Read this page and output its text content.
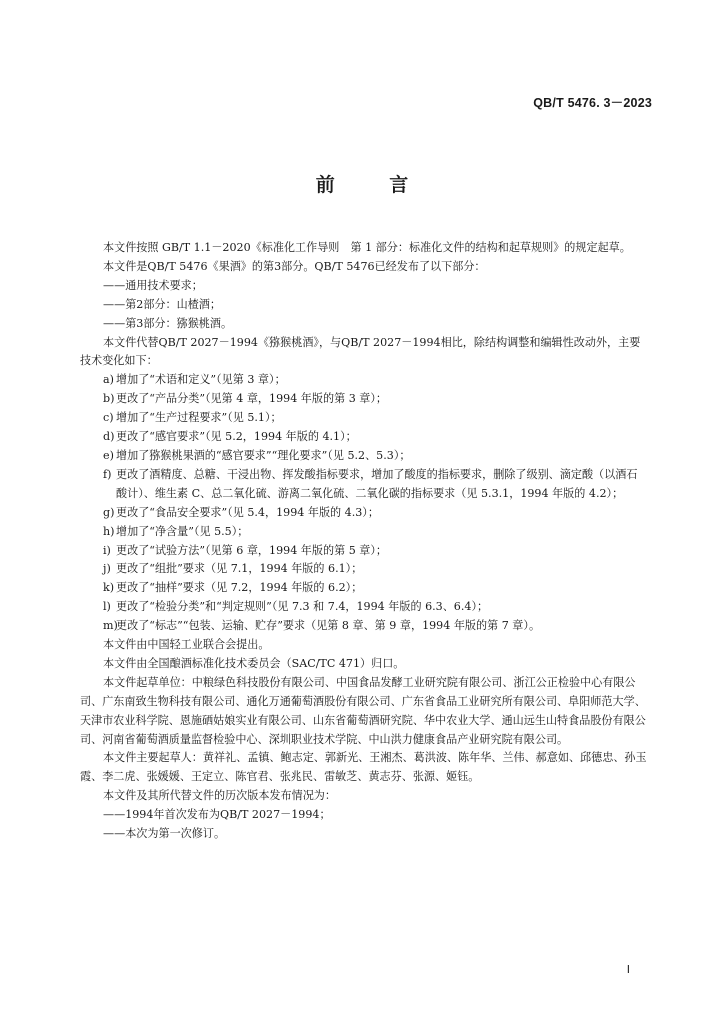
QB/T 5476. 3－2023
前 言
本文件按照 GB/T 1.1－2020《标准化工作导则　第 1 部分：标准化文件的结构和起草规则》的规定起草。
本文件是QB/T 5476《果酒》的第3部分。QB/T 5476已经发布了以下部分：
——通用技术要求；
——第2部分：山楂酒；
——第3部分：猕猴桃酒。
本文件代替QB/T 2027－1994《猕猴桃酒》，与QB/T 2027－1994相比，除结构调整和编辑性改动外，主要技术变化如下：
a) 增加了“术语和定义”（见第 3 章）；
b) 更改了“产品分类”（见第 4 章，1994 年版的第 3 章）；
c) 增加了“生产过程要求”（见 5.1）；
d) 更改了“感官要求”（见 5.2，1994 年版的 4.1）；
e) 增加了猕猴桃果酒的“感官要求”“理化要求”（见 5.2、5.3）；
f) 更改了酒精度、总糖、干浸出物、挥发酸指标要求，增加了酸度的指标要求，删除了级别、滴定酸（以酒石酸计）、维生素 C、总二氧化硫、游离二氧化硫、二氧化碳的指标要求（见 5.3.1，1994 年版的 4.2）；
g) 更改了“食品安全要求”（见 5.4，1994 年版的 4.3）；
h) 增加了“净含量”（见 5.5）；
i) 更改了“试验方法”（见第 6 章，1994 年版的第 5 章）；
j) 更改了“组批”要求（见 7.1，1994 年版的 6.1）；
k) 更改了“抽样”要求（见 7.2，1994 年版的 6.2）；
l) 更改了“检验分类”和“判定规则”（见 7.3 和 7.4，1994 年版的 6.3、6.4）；
m)
更改了“标志”“包装、运输、贮存”要求（见第 8 章、第 9 章，1994 年版的第 7 章）。
本文件由中国轻工业联合会提出。
本文件由全国酿酒标准化技术委员会（SAC/TC 471）归口。
本文件起草单位：中粮绿色科技股份有限公司、中国食品发酵工业研究院有限公司、浙江公正检验中心有限公司、广东南致生物科技有限公司、通化万通葡萄酒股份有限公司、广东省食品工业研究所有限公司、阜阳师范大学、天津市农业科学院、恩施硒姑娘实业有限公司、山东省葡萄酒研究院、华中农业大学、通山远生山特食品股份有限公司、河南省葡萄酒质量监督检验中心、深圳职业技术学院、中山洪力健康食品产业研究院有限公司。
本文件主要起草人：黄祥礼、孟镇、鲍志定、郭新光、王湘杰、葛洪波、陈年华、兰伟、郝意如、邱德忠、孙玉霞、李二虎、张媛媛、王定立、陈官君、张兆民、雷敏芝、黄志芬、张源、姬钰。
本文件及其所代替文件的历次版本发布情况为：
——1994年首次发布为QB/T 2027－1994；
——本次为第一次修订。
I
